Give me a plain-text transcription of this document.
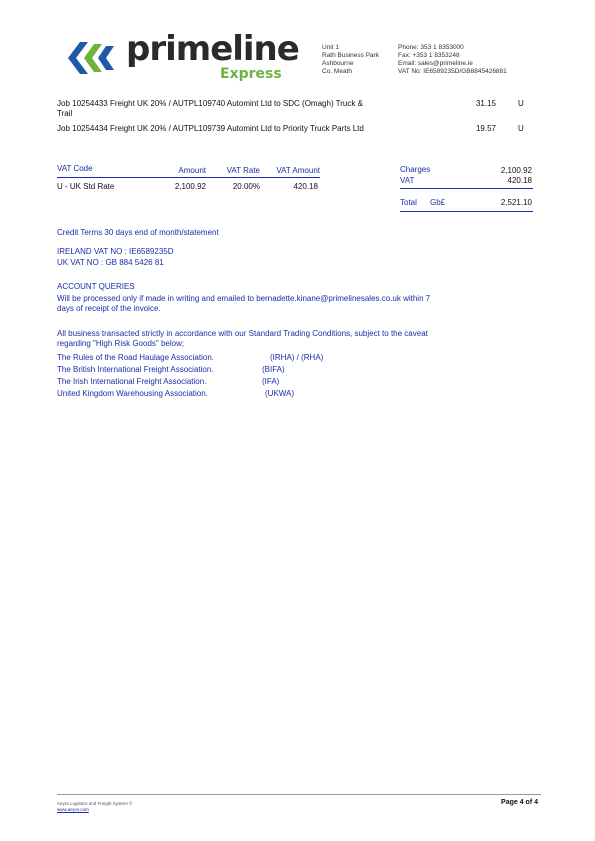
primeline
Express
Unit 1
Rath Business Park
Ashbourne
Co. Meath
Phone: 353 1 8353000
Fax: +353 1 8353248
Email: sales@primeline.ie
VAT No: IE6589235D/GB8845426881
Job 10254433 Freight UK 20% / AUTPL109740 Automint Ltd to SDC (Omagh) Truck &
Trail
31.15	U
Job 10254434 Freight UK 20% / AUTPL109739 Automint Ltd to Priority Truck Parts Ltd	19.57	U
VAT Code	Amount	VAT Rate	VAT Amount
U - UK Std Rate	2,100.92	20.00%	420.18
Charges	2,100.92
VAT	420.18
Total Gb£	2,521.10
Credit Terms 30 days end of month/statement
IRELAND VAT NO : IE6589235D
UK VAT NO : GB 884 5426 81
ACCOUNT QUERIES
Will be processed only if made in writing and emailed to bernadette.kinane@primelinesales.co.uk within 7
days of receipt of the invoice.
All business transacted strictly in accordance with our Standard Trading Conditions, subject to the caveat
regarding "High Risk Goods" below;
The Rules of the Road Haulage Association.	(IRHA) / (RHA)
The British International Freight Association.	(BIFA)
The Irish International Freight Association.	(IFA)
United Kingdom Warehousing Association.	(UKWA)
Aeyra Logistics and Freight System ©
www.aeyra.com
Page 4 of 4
